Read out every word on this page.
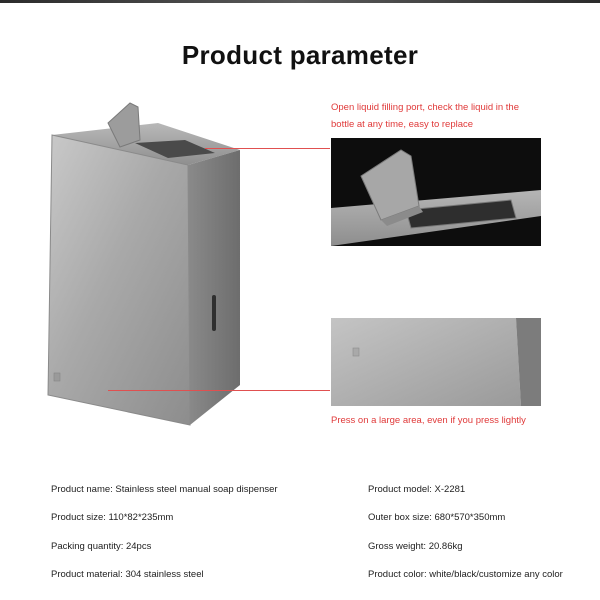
Product parameter
Open liquid filling port, check the liquid in the
bottle at any time, easy to replace
Press on a large area, even if you press lightly
Product name: Stainless steel manual soap dispenser
Product size: 110*82*235mm
Packing quantity: 24pcs
Product material: 304 stainless steel
Product model: X-2281
Outer box size: 680*570*350mm
Gross weight: 20.86kg
Product color: white/black/customize any color
